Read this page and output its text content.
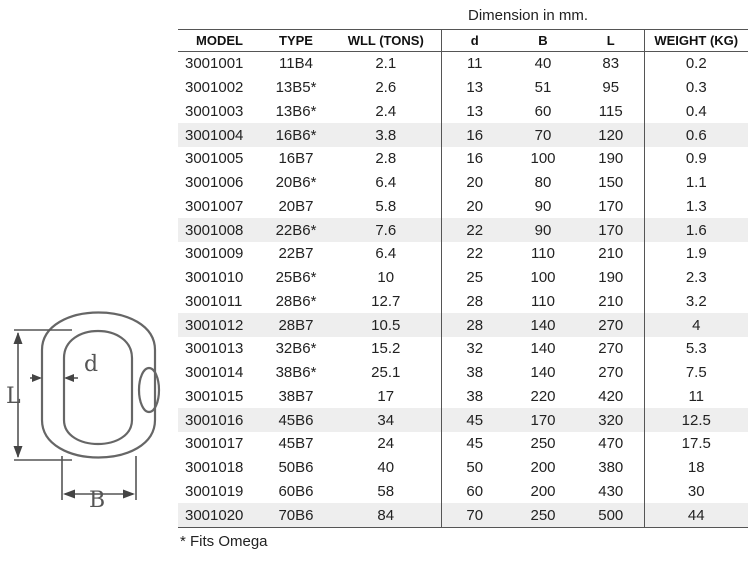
L
d
B
Dimension in mm.
MODEL	TYPE	WLL (TONS)	d	B	L	WEIGHT (KG)
3001001	11B4	2.1	11	40	83	0.2
3001002	13B5*	2.6	13	51	95	0.3
3001003	13B6*	2.4	13	60	115	0.4
3001004	16B6*	3.8	16	70	120	0.6
3001005	16B7	2.8	16	100	190	0.9
3001006	20B6*	6.4	20	80	150	1.1
3001007	20B7	5.8	20	90	170	1.3
3001008	22B6*	7.6	22	90	170	1.6
3001009	22B7	6.4	22	110	210	1.9
3001010	25B6*	10	25	100	190	2.3
3001011	28B6*	12.7	28	110	210	3.2
3001012	28B7	10.5	28	140	270	4
3001013	32B6*	15.2	32	140	270	5.3
3001014	38B6*	25.1	38	140	270	7.5
3001015	38B7	17	38	220	420	11
3001016	45B6	34	45	170	320	12.5
3001017	45B7	24	45	250	470	17.5
3001018	50B6	40	50	200	380	18
3001019	60B6	58	60	200	430	30
3001020	70B6	84	70	250	500	44
* Fits Omega
